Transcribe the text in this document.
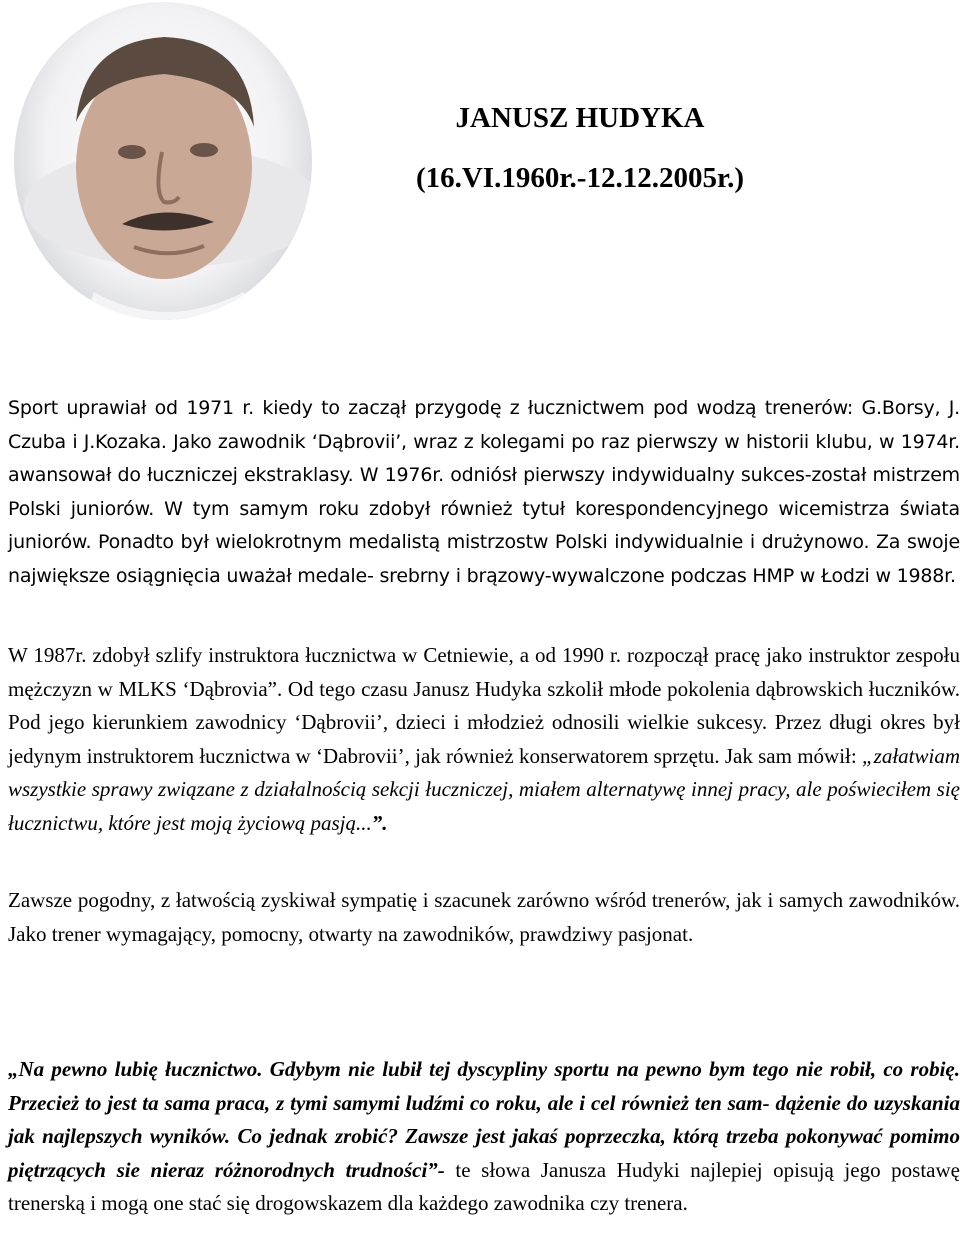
JANUSZ HUDYKA
(16.VI.1960r.-12.12.2005r.)

Sport uprawiał od 1971 r. kiedy to zaczął przygodę z łucznictwem pod wodzą trenerów: G.Borsy, J. Czuba i J.Kozaka. Jako zawodnik ‘Dąbrovii’, wraz z kolegami po raz pierwszy w historii klubu, w 1974r. awansował do łuczniczej ekstraklasy. W 1976r. odniósł pierwszy indywidualny sukces-został mistrzem Polski juniorów. W tym samym roku zdobył również tytuł korespondencyjnego wicemistrza świata juniorów. Ponadto był wielokrotnym medalistą mistrzostw Polski indywidualnie i drużynowo. Za swoje największe osiągnięcia uważał medale- srebrny i brązowy-wywalczone podczas HMP w Łodzi w 1988r.

W 1987r. zdobył szlify instruktora łucznictwa w Cetniewie, a od 1990 r. rozpoczął pracę jako instruktor zespołu mężczyzn w MLKS ‘Dąbrovia”. Od tego czasu Janusz Hudyka szkolił młode pokolenia dąbrowskich łuczników. Pod jego kierunkiem zawodnicy ‘Dąbrovii’, dzieci i młodzież odnosili wielkie sukcesy. Przez długi okres był jedynym instruktorem łucznictwa w ‘Dabrovii’, jak również konserwatorem sprzętu. Jak sam mówił: „załatwiam wszystkie sprawy związane z działalnością sekcji łuczniczej, miałem alternatywę innej pracy, ale poświeciłem się łucznictwu, które jest moją życiową pasją...”.

Zawsze pogodny, z łatwością zyskiwał sympatię i szacunek zarówno wśród trenerów, jak i samych zawodników. Jako trener wymagający, pomocny, otwarty na zawodników, prawdziwy pasjonat.

„Na pewno lubię łucznictwo. Gdybym nie lubił tej dyscypliny sportu na pewno bym tego nie robił, co robię. Przecież to jest ta sama praca, z tymi samymi ludźmi co roku, ale i cel również ten sam- dążenie do uzyskania jak najlepszych wyników. Co jednak zrobić? Zawsze jest jakaś poprzeczka, którą trzeba pokonywać pomimo piętrzących sie nieraz różnorodnych trudności”- te słowa Janusza Hudyki najlepiej opisują jego postawę trenerską i mogą one stać się drogowskazem dla każdego zawodnika czy trenera.
